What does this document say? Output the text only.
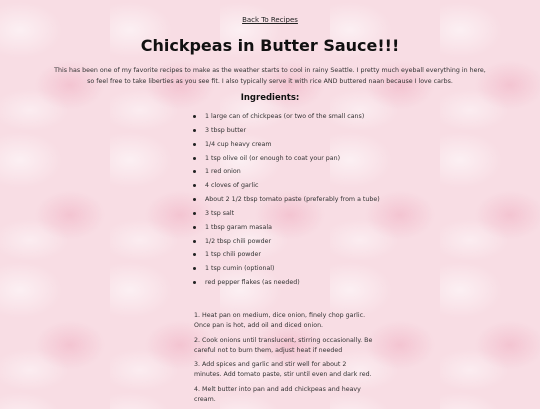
Back To Recipes
Chickpeas in Butter Sauce!!!

This has been one of my favorite recipes to make as the weather starts to cool in rainy Seattle. I pretty much eyeball everything in here, so feel free to take liberties as you see fit. I also typically serve it with rice AND buttered naan because I love carbs.

Ingredients:
1 large can of chickpeas (or two of the small cans)
3 tbsp butter
1/4 cup heavy cream
1 tsp olive oil (or enough to coat your pan)
1 red onion
4 cloves of garlic
About 2 1/2 tbsp tomato paste (preferably from a tube)
3 tsp salt
1 tbsp garam masala
1/2 tbsp chili powder
1 tsp chili powder
1 tsp cumin (optional)
red pepper flakes (as needed)
1. Heat pan on medium, dice onion, finely chop garlic. Once pan is hot, add oil and diced onion.
2. Cook onions until translucent, stirring occasionally. Be careful not to burn them, adjust heat if needed
3. Add spices and garlic and stir well for about 2 minutes. Add tomato paste, stir until even and dark red.
4. Melt butter into pan and add chickpeas and heavy cream.
